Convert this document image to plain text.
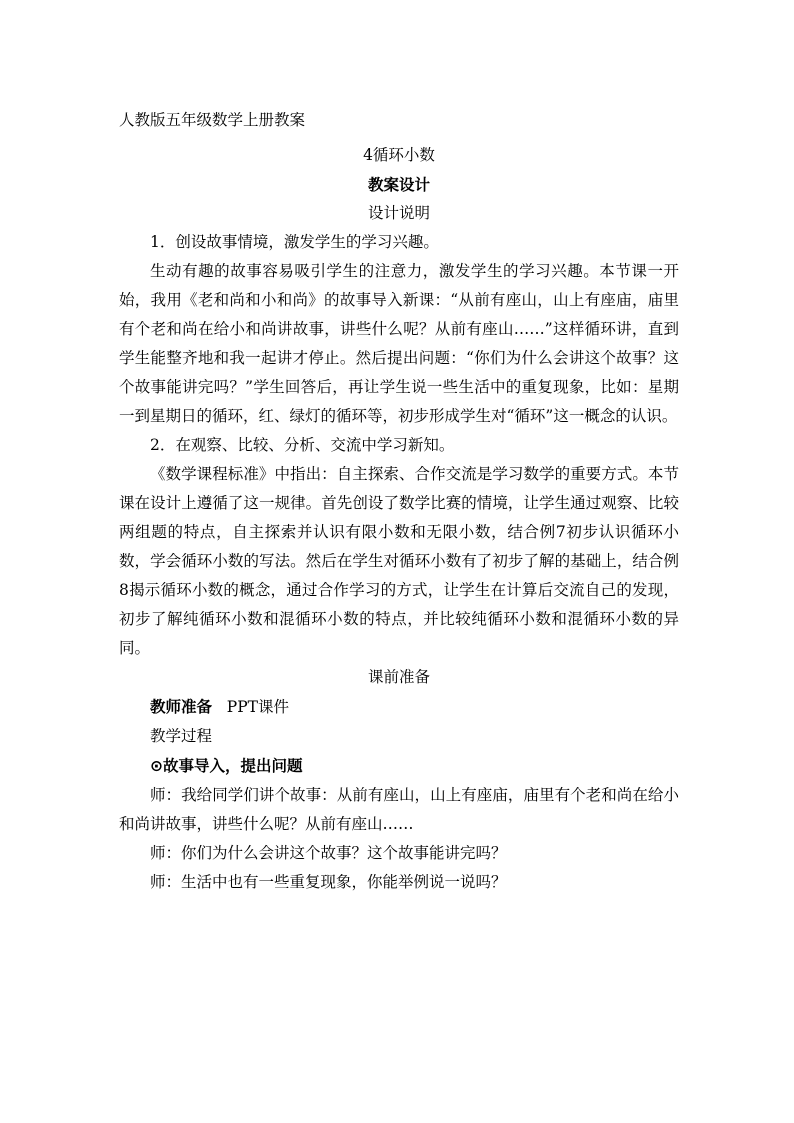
人教版五年级数学上册教案

4循环小数

教案设计

设计说明

1．创设故事情境，激发学生的学习兴趣。

生动有趣的故事容易吸引学生的注意力，激发学生的学习兴趣。本节课一开始，我用《老和尚和小和尚》的故事导入新课：“从前有座山，山上有座庙，庙里有个老和尚在给小和尚讲故事，讲些什么呢？从前有座山……”这样循环讲，直到学生能整齐地和我一起讲才停止。然后提出问题：“你们为什么会讲这个故事？这个故事能讲完吗？”学生回答后，再让学生说一些生活中的重复现象，比如：星期一到星期日的循环，红、绿灯的循环等，初步形成学生对“循环”这一概念的认识。

2．在观察、比较、分析、交流中学习新知。

《数学课程标准》中指出：自主探索、合作交流是学习数学的重要方式。本节课在设计上遵循了这一规律。首先创设了数学比赛的情境，让学生通过观察、比较两组题的特点，自主探索并认识有限小数和无限小数，结合例7初步认识循环小数，学会循环小数的写法。然后在学生对循环小数有了初步了解的基础上，结合例8揭示循环小数的概念，通过合作学习的方式，让学生在计算后交流自己的发现，初步了解纯循环小数和混循环小数的特点，并比较纯循环小数和混循环小数的异同。

课前准备

教师准备 PPT课件

教学过程

⊙故事导入，提出问题

师：我给同学们讲个故事：从前有座山，山上有座庙，庙里有个老和尚在给小和尚讲故事，讲些什么呢？从前有座山……

师：你们为什么会讲这个故事？这个故事能讲完吗？

师：生活中也有一些重复现象，你能举例说一说吗？
